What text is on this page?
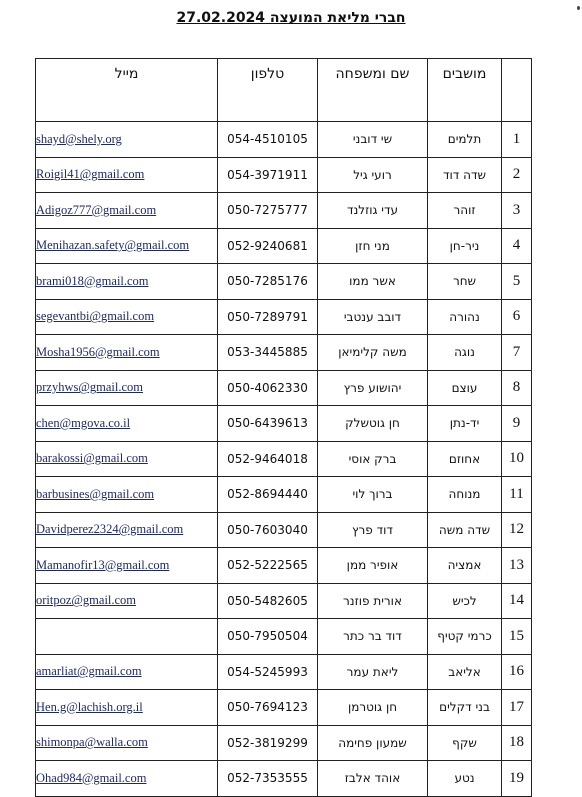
חברי מליאת המועצה 27.02.2024
מייל	טלפון	שם ומשפחה	מושבים	
shayd@shely.org	054-4510105	שי דובני	תלמים	1
Roigil41@gmail.com	054-3971911	רועי גיל	שדה דוד	2
Adigoz777@gmail.com	050-7275777	עדי גוזלנד	זוהר	3
Menihazan.safety@gmail.com	052-9240681	מני חזן	ניר-חן	4
brami018@gmail.com	050-7285176	אשר ממו	שחר	5
segevantbi@gmail.com	050-7289791	דובב ענטבי	נהורה	6
Mosha1956@gmail.com	053-3445885	משה קלימיאן	נוגה	7
przyhws@gmail.com	050-4062330	יהושוע פרץ	עוצם	8
chen@mgova.co.il	050-6439613	חן גוטשלק	יד-נתן	9
barakossi@gmail.com	052-9464018	ברק אוסי	אחוזם	10
barbusines@gmail.com	052-8694440	ברוך לוי	מנוחה	11
Davidperez2324@gmail.com	050-7603040	דוד פרץ	שדה משה	12
Mamanofir13@gmail.com	052-5222565	אופיר ממן	אמציה	13
oritpoz@gmail.com	050-5482605	אורית פוזנר	לכיש	14
	050-7950504	דוד בר כתר	כרמי קטיף	15
amarliat@gmail.com	054-5245993	ליאת עמר	אליאב	16
Hen.g@lachish.org.il	050-7694123	חן גוטרמן	בני דקלים	17
shimonpa@walla.com	052-3819299	שמעון פחימה	שקף	18
Ohad984@gmail.com	052-7353555	אוהד אלבז	נטע	19
